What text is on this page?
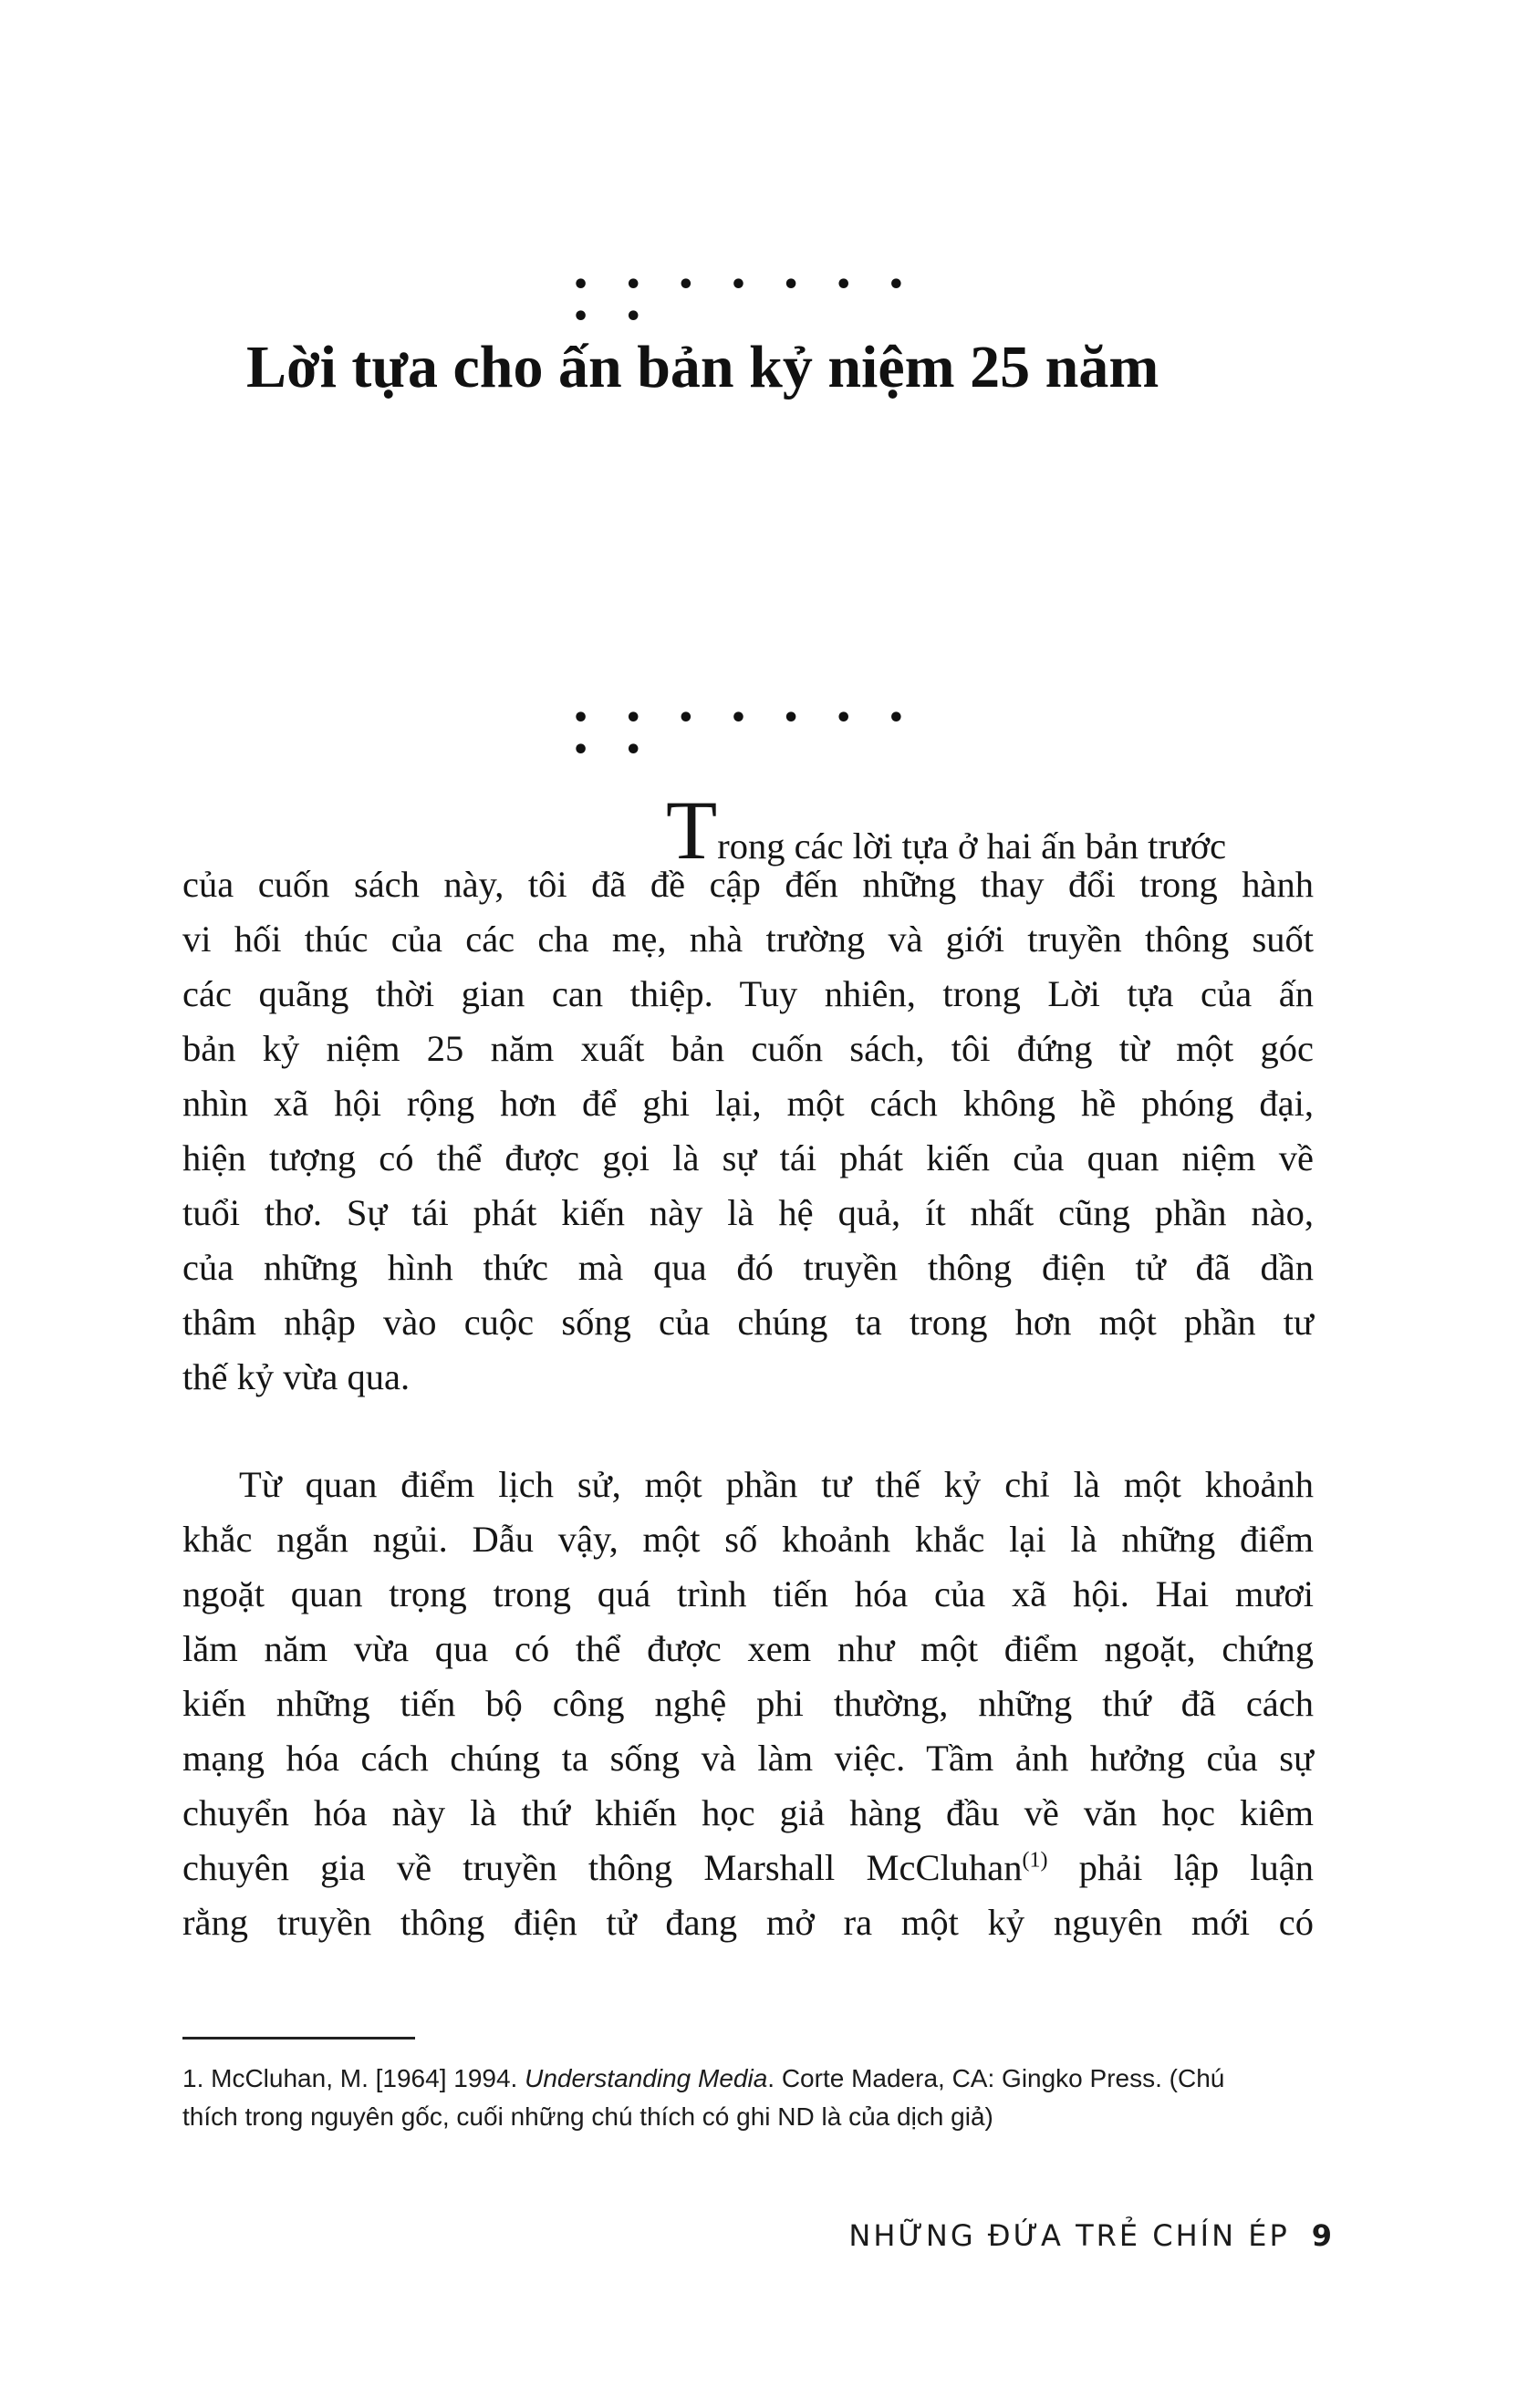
• • • • • • • • •
Lời tựa cho ấn bản kỷ niệm 25 năm
• • • • • • • • •
Trong các lời tựa ở hai ấn bản trước
của cuốn sách này, tôi đã đề cập đến những thay đổi trong hành
vi hối thúc của các cha mẹ, nhà trường và giới truyền thông suốt
các quãng thời gian can thiệp. Tuy nhiên, trong Lời tựa của ấn
bản kỷ niệm 25 năm xuất bản cuốn sách, tôi đứng từ một góc
nhìn xã hội rộng hơn để ghi lại, một cách không hề phóng đại,
hiện tượng có thể được gọi là sự tái phát kiến của quan niệm về
tuổi thơ. Sự tái phát kiến này là hệ quả, ít nhất cũng phần nào,
của những hình thức mà qua đó truyền thông điện tử đã dần
thâm nhập vào cuộc sống của chúng ta trong hơn một phần tư
thế kỷ vừa qua.
Từ quan điểm lịch sử, một phần tư thế kỷ chỉ là một khoảnh
khắc ngắn ngủi. Dẫu vậy, một số khoảnh khắc lại là những điểm
ngoặt quan trọng trong quá trình tiến hóa của xã hội. Hai mươi
lăm năm vừa qua có thể được xem như một điểm ngoặt, chứng
kiến những tiến bộ công nghệ phi thường, những thứ đã cách
mạng hóa cách chúng ta sống và làm việc. Tầm ảnh hưởng của sự
chuyển hóa này là thứ khiến học giả hàng đầu về văn học kiêm
chuyên gia về truyền thông Marshall McCluhan$^{(1)}$ phải lập luận
rằng truyền thông điện tử đang mở ra một kỷ nguyên mới có
1. McCluhan, M. [1964] 1994. Understanding Media. Corte Madera, CA: Gingko Press. (Chú
thích trong nguyên gốc, cuối những chú thích có ghi ND là của dịch giả)
NHỮNG ĐỨA TRẺ CHÍN ÉP 9
